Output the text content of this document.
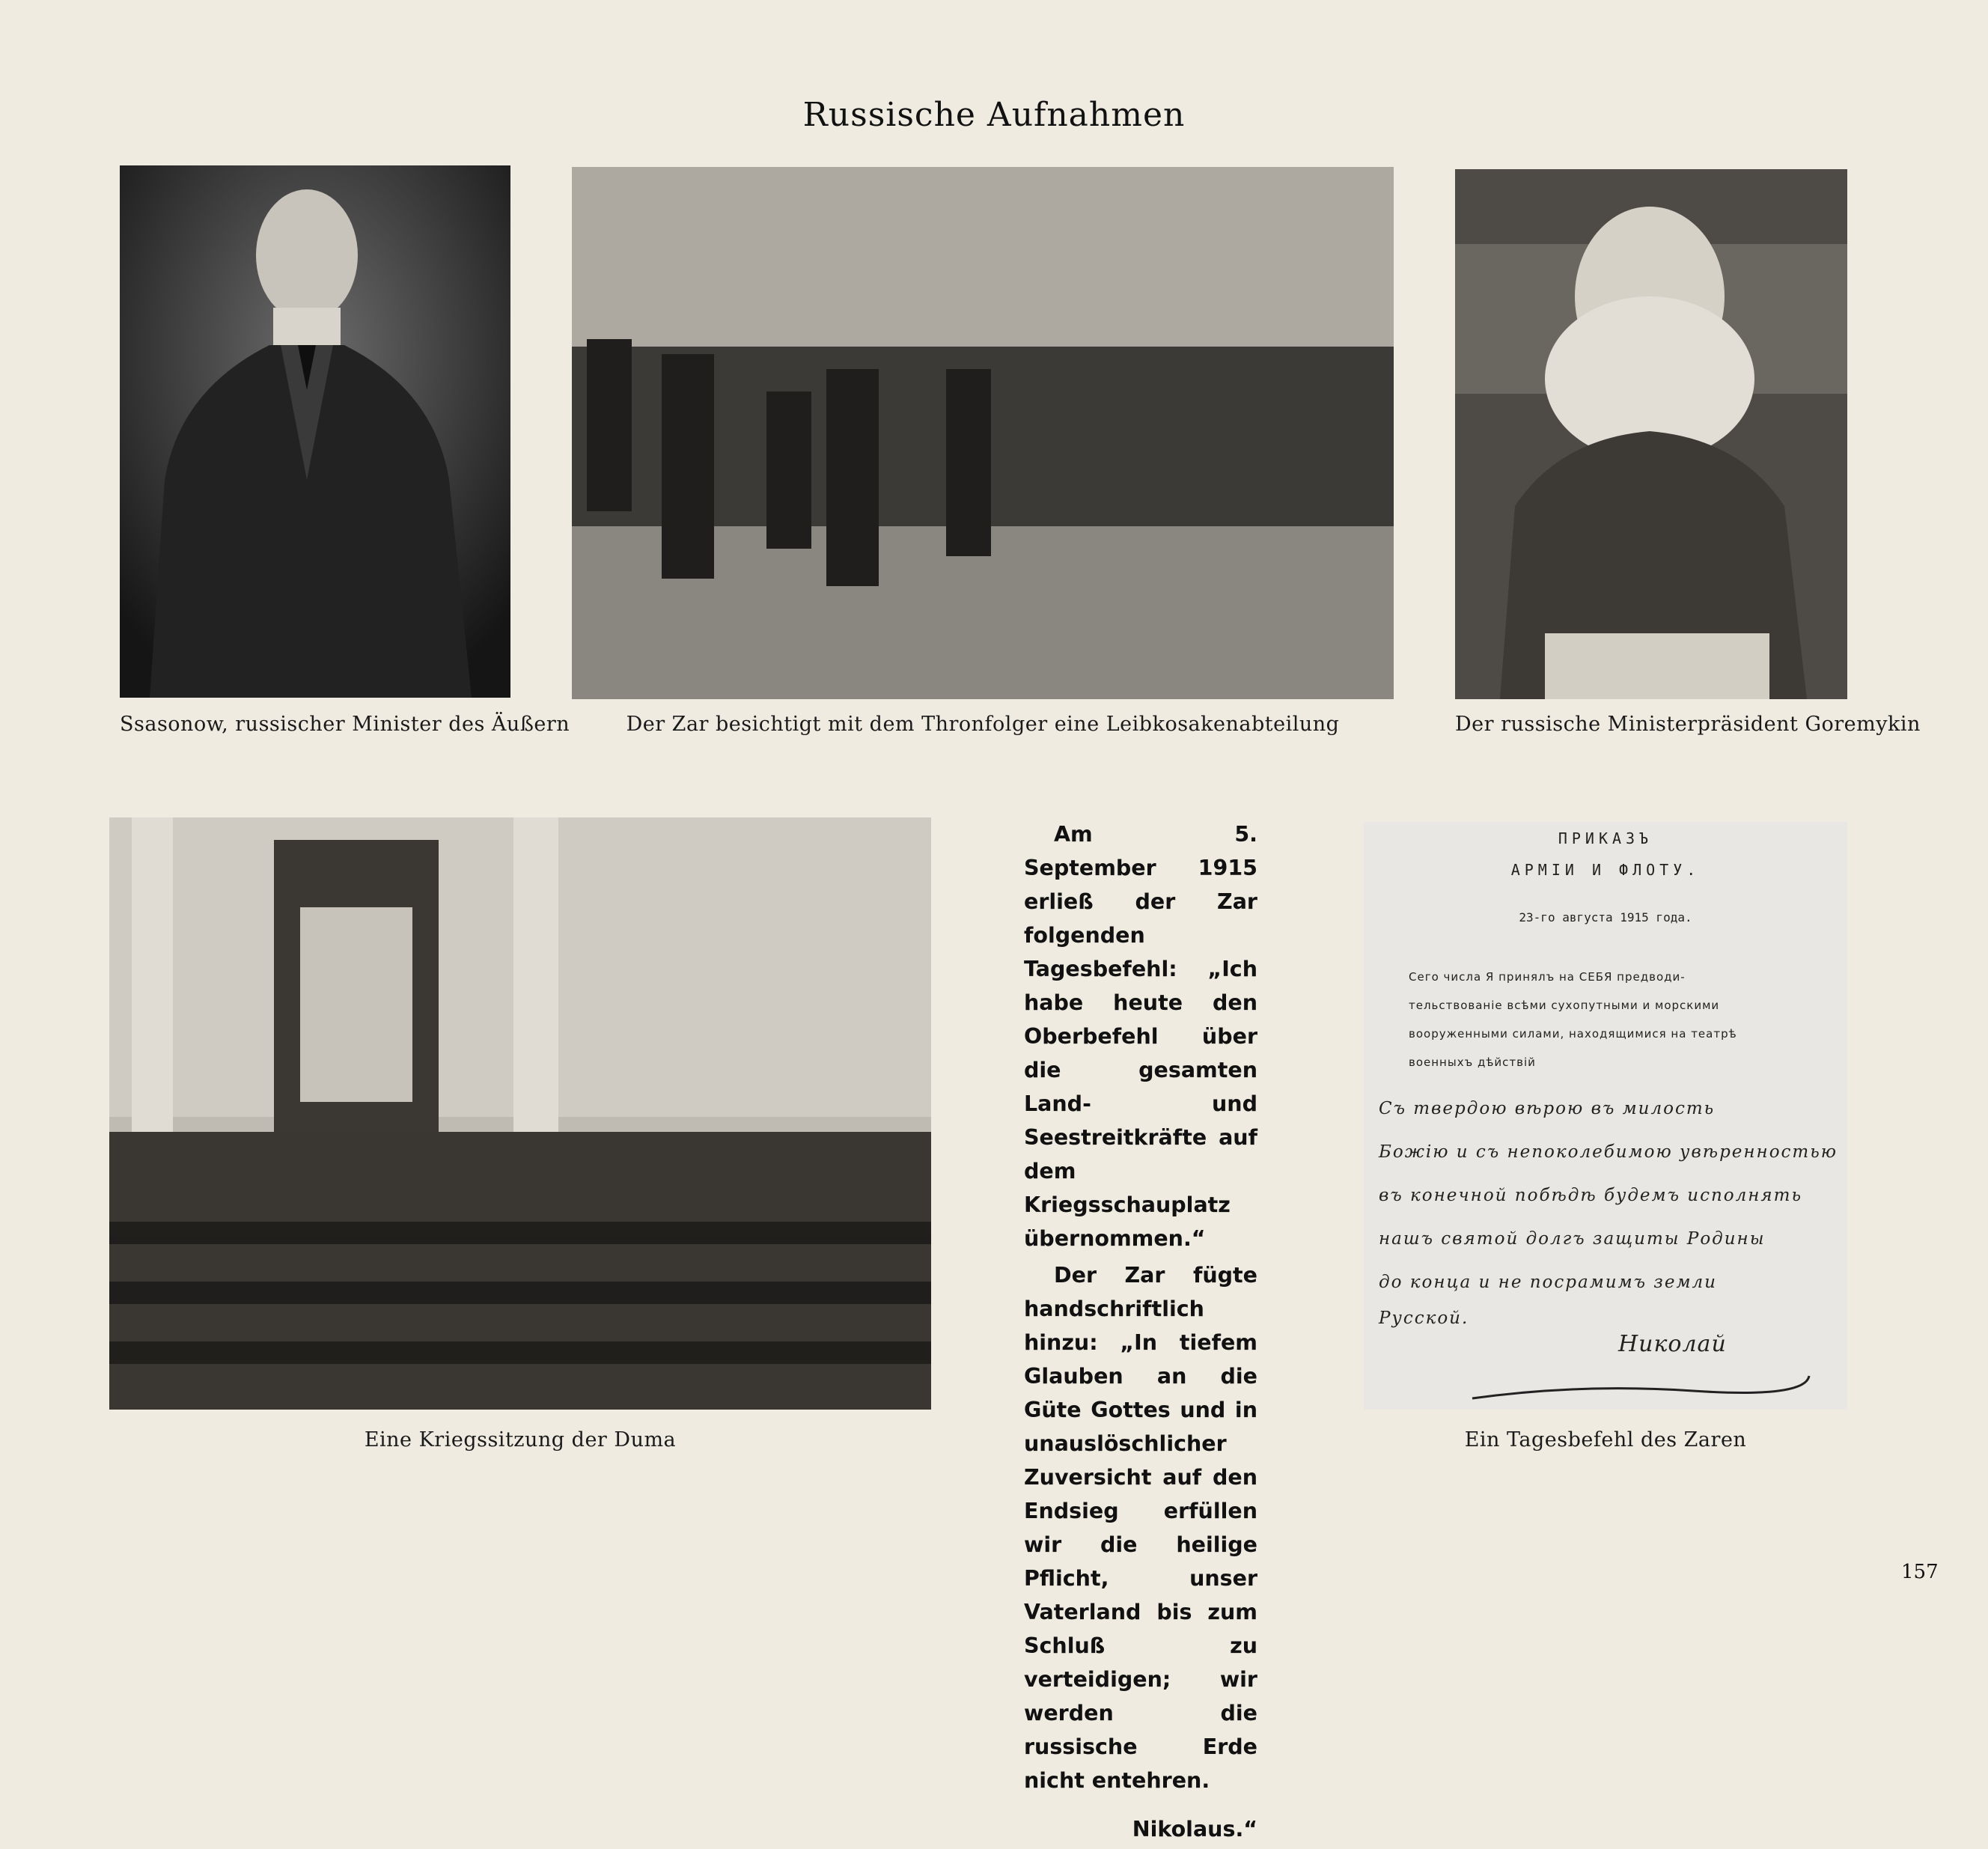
Russische Aufnahmen
Ssasonow, russischer Minister des Äußern	Der Zar besichtigt mit dem Thronfolger eine Leibkosakenabteilung	Der russische Ministerpräsident Goremykin
Eine Kriegssitzung der Duma

Am 5. September 1915 erließ der Zar folgenden Tagesbefehl: „Ich habe heute den Oberbefehl über die gesamten Land- und Seestreitkräfte auf dem Kriegsschauplatz übernommen.“

Der Zar fügte handschriftlich hinzu: „In tiefem Glauben an die Güte Gottes und in unauslöschlicher Zuversicht auf den Endsieg erfüllen wir die heilige Pflicht, unser Vaterland bis zum Schluß zu verteidigen; wir werden die russische Erde nicht entehren.

Nikolaus.“

ПРИКАЗЪ
АРМIИ И ФЛОТУ.
23-го августа 1915 года.
Сего числа Я принялъ на СЕБЯ предводи-
тельствованіе всѣми сухопутными и морскими
вооруженными силами, находящимися на театрѣ
военныхъ дѣйствій
Съ твердою вѣрою въ милость
Божію и съ непоколебимою увѣренностью
въ конечной побѣдѣ будемъ исполнять
нашъ святой долгъ защиты Родины
до конца и не посрамимъ земли
Русской.
Николай
Ein Tagesbefehl des Zaren
157
